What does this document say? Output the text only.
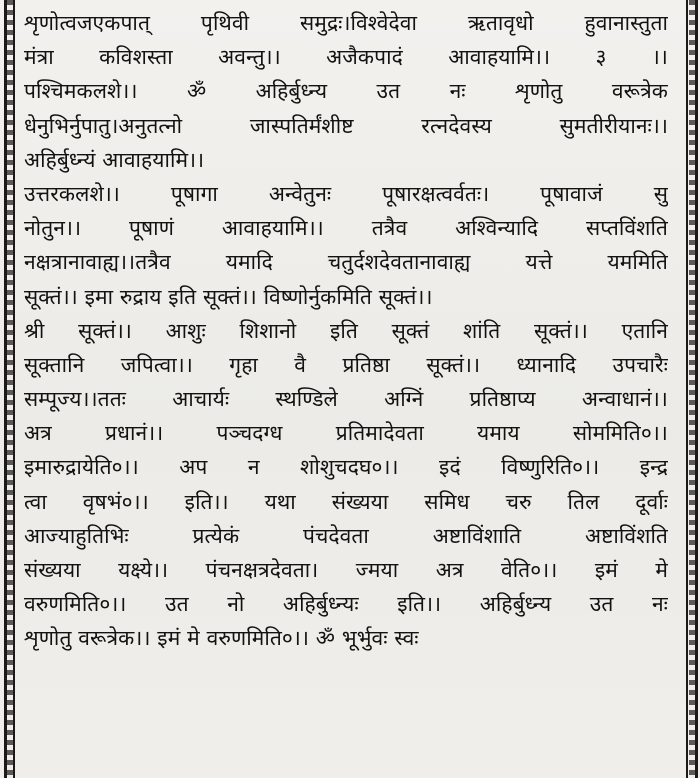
शृणोत्वजएकपात् पृथिवी समुद्रः।विश्वेदेवा ऋतावृधो हुवानास्तुता
मंत्रा कविशस्ता अवन्तु।। अजैकपादं आवाहयामि।। ३ ।।
पश्चिमकलशे।। ॐ अहिर्बुध्न्य उत नः शृणोतु वरूत्रेक
धेनुभिर्नुपातु।अनुतत्नो जास्पतिर्मंशीष्ट रत्नदेवस्य सुमतीरीयानः।।
अहिर्बुध्न्यं आवाहयामि।।
उत्तरकलशे।। पूषागा अन्वेतुनः पूषारक्षत्वर्वतः। पूषावाजं सु
नोतुन।। पूषाणं आवाहयामि।। तत्रैव अश्विन्यादि सप्तविंशति
नक्षत्रानावाह्य।।तत्रैव यमादि चतुर्दशदेवतानावाह्य यत्ते यममिति
सूक्तं।। इमा रुद्राय इति सूक्तं।। विष्णोर्नुकमिति सूक्तं।।
श्री सूक्तं।। आशुः शिशानो इति सूक्तं शांति सूक्तं।। एतानि
सूक्तानि जपित्वा।। गृहा वै प्रतिष्ठा सूक्तं।। ध्यानादि उपचारैः
सम्पूज्य।।ततः आचार्यः स्थण्डिले अग्निं प्रतिष्ठाप्य अन्वाधानं।।
अत्र प्रधानं।। पञ्चदग्ध प्रतिमादेवता यमाय सोममिति०।।
इमारुद्रायेति०।। अप न शोशुचदघ०।। इदं विष्णुरिति०।। इन्द्र
त्वा वृषभं०।। इति।। यथा संख्यया समिध चरु तिल दूर्वाः
आज्याहुतिभिः प्रत्येकं पंचदेवता अष्टाविंशाति अष्टाविंशति
संख्यया यक्ष्ये।। पंचनक्षत्रदेवता। ज्मया अत्र वेति०।। इमं मे
वरुणमिति०।। उत नो अहिर्बुध्न्यः इति।। अहिर्बुध्न्य उत नः
शृणोतु वरूत्रेक।। इमं मे वरुणमिति०।। ॐ भूर्भुवः स्वः
